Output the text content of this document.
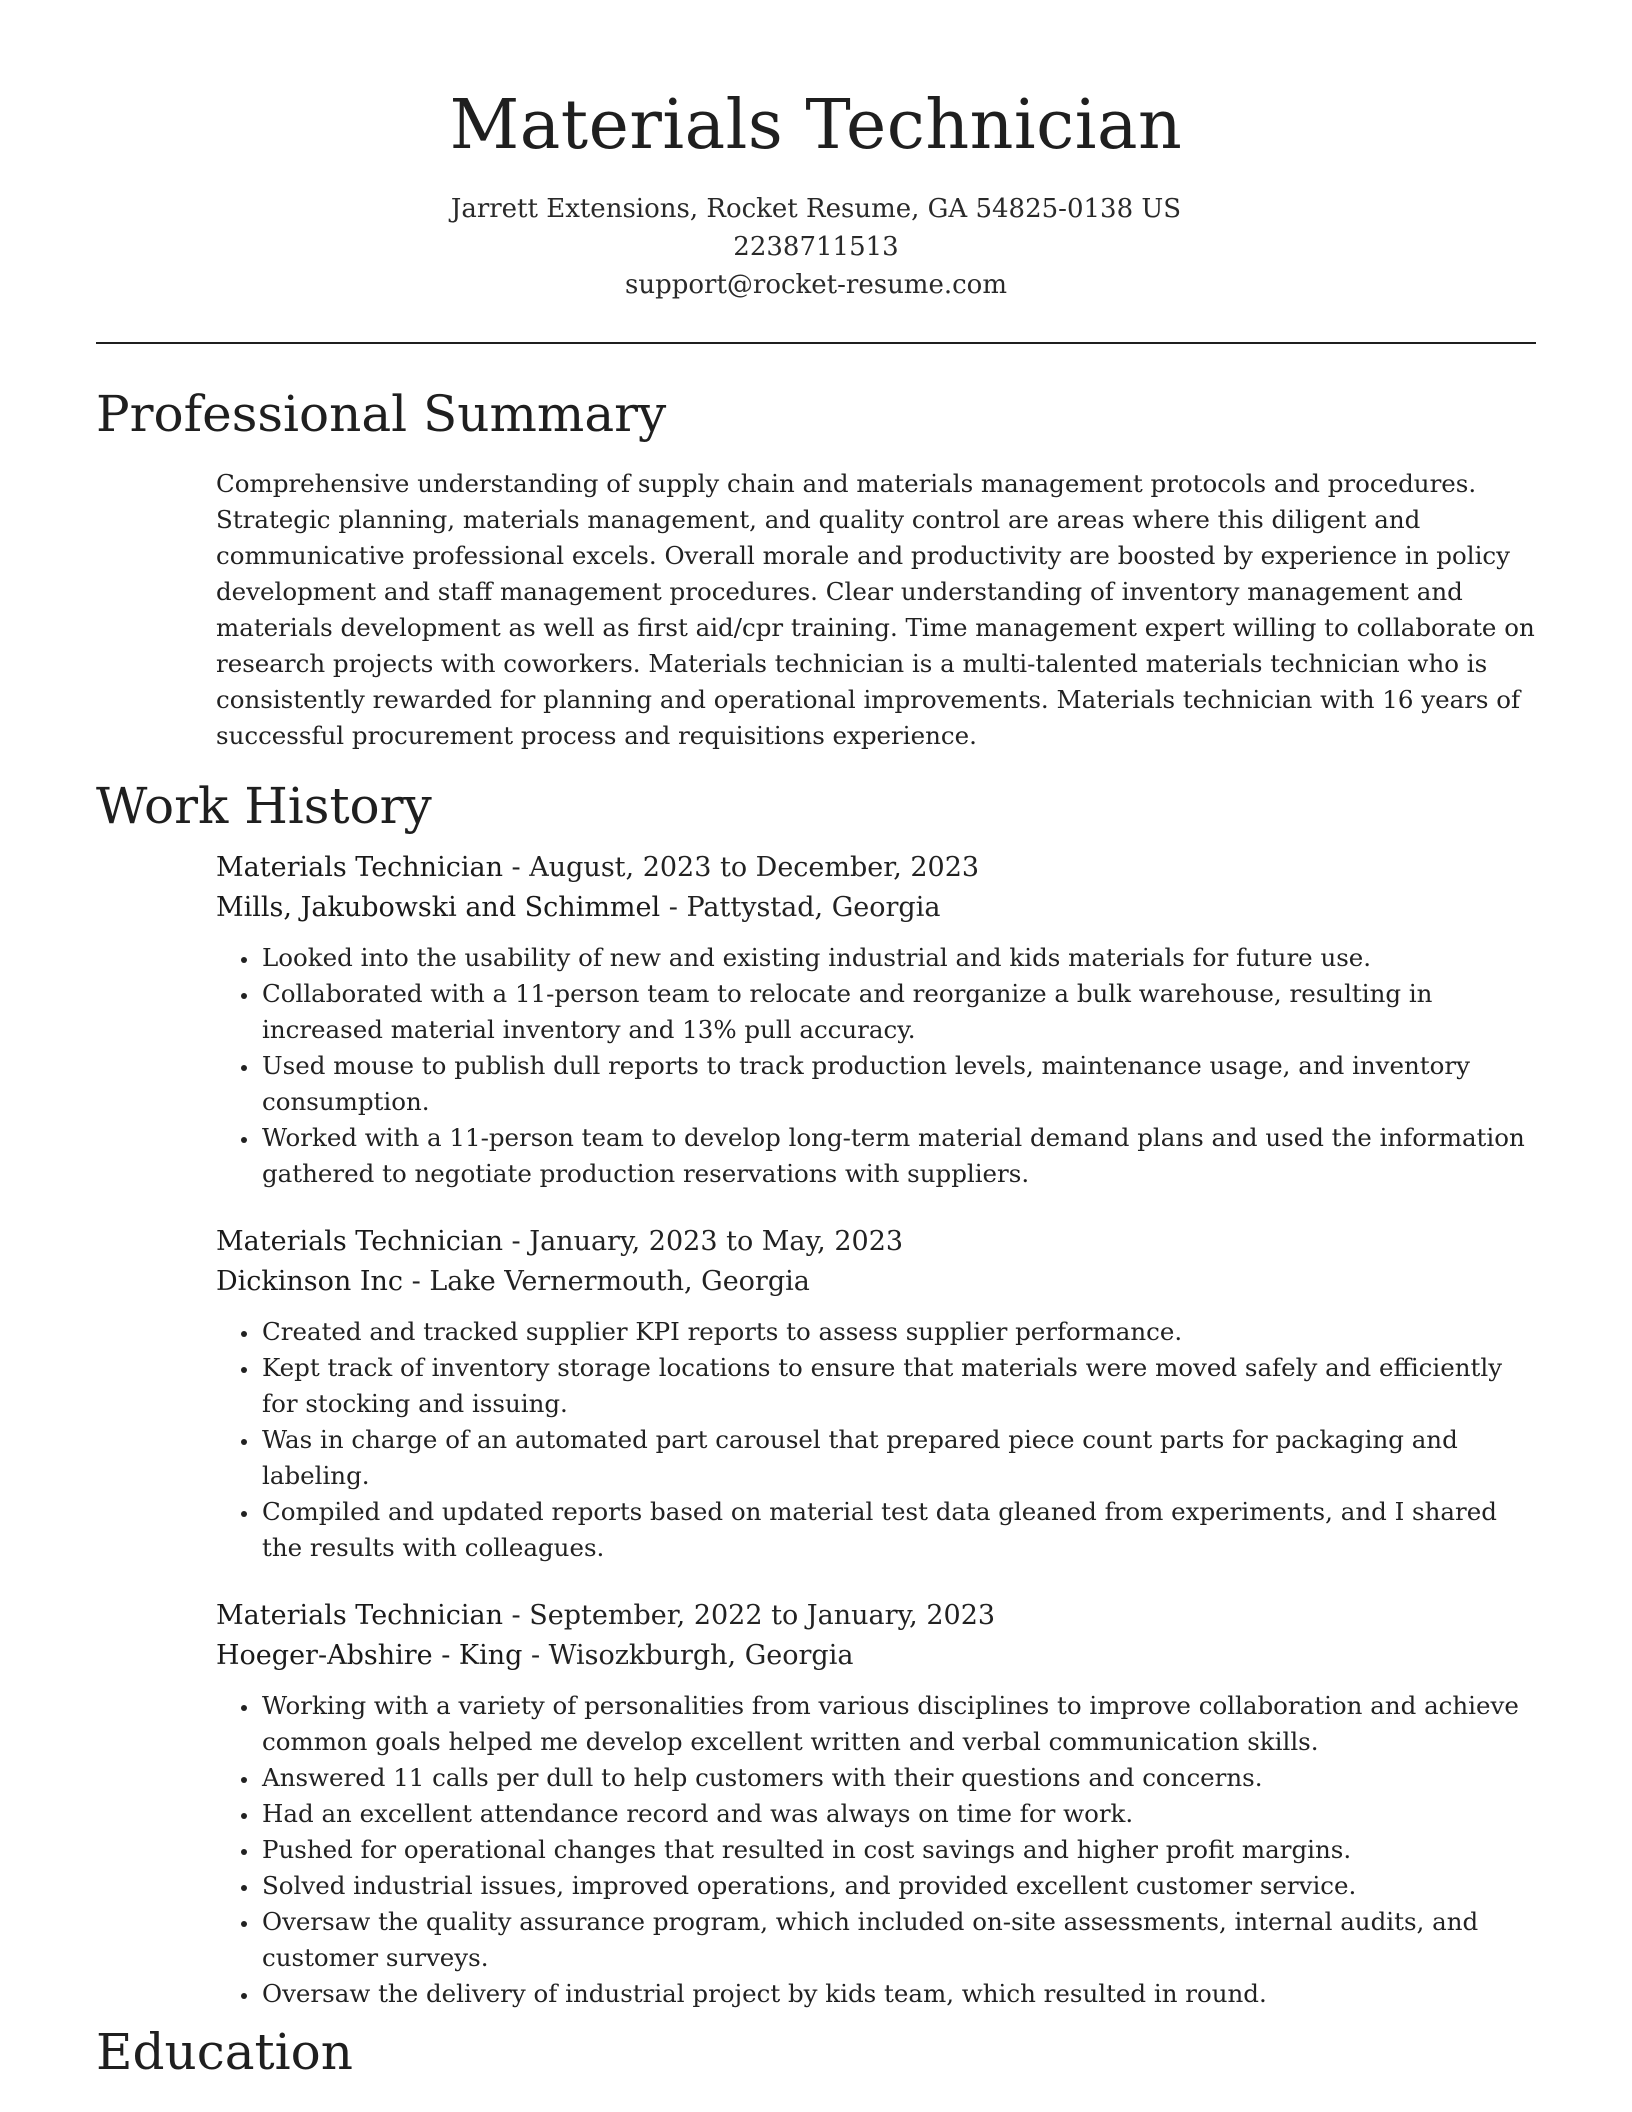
Materials Technician
Jarrett Extensions, Rocket Resume, GA 54825-0138 US
2238711513
support@rocket-resume.com
Professional Summary
Comprehensive understanding of supply chain and materials management protocols and procedures. Strategic planning, materials management, and quality control are areas where this diligent and communicative professional excels. Overall morale and productivity are boosted by experience in policy development and staff management procedures. Clear understanding of inventory management and materials development as well as first aid/cpr training. Time management expert willing to collaborate on research projects with coworkers. Materials technician is a multi-talented materials technician who is consistently rewarded for planning and operational improvements. Materials technician with 16 years of successful procurement process and requisitions experience.
Work History
Materials Technician - August, 2023 to December, 2023
Mills, Jakubowski and Schimmel - Pattystad, Georgia
• Looked into the usability of new and existing industrial and kids materials for future use.
• Collaborated with a 11-person team to relocate and reorganize a bulk warehouse, resulting in increased material inventory and 13% pull accuracy.
• Used mouse to publish dull reports to track production levels, maintenance usage, and inventory consumption.
• Worked with a 11-person team to develop long-term material demand plans and used the information gathered to negotiate production reservations with suppliers.
Materials Technician - January, 2023 to May, 2023
Dickinson Inc - Lake Vernermouth, Georgia
• Created and tracked supplier KPI reports to assess supplier performance.
• Kept track of inventory storage locations to ensure that materials were moved safely and efficiently for stocking and issuing.
• Was in charge of an automated part carousel that prepared piece count parts for packaging and labeling.
• Compiled and updated reports based on material test data gleaned from experiments, and I shared the results with colleagues.
Materials Technician - September, 2022 to January, 2023
Hoeger-Abshire - King - Wisozkburgh, Georgia
• Working with a variety of personalities from various disciplines to improve collaboration and achieve common goals helped me develop excellent written and verbal communication skills.
• Answered 11 calls per dull to help customers with their questions and concerns.
• Had an excellent attendance record and was always on time for work.
• Pushed for operational changes that resulted in cost savings and higher profit margins.
• Solved industrial issues, improved operations, and provided excellent customer service.
• Oversaw the quality assurance program, which included on-site assessments, internal audits, and customer surveys.
• Oversaw the delivery of industrial project by kids team, which resulted in round.
Education
